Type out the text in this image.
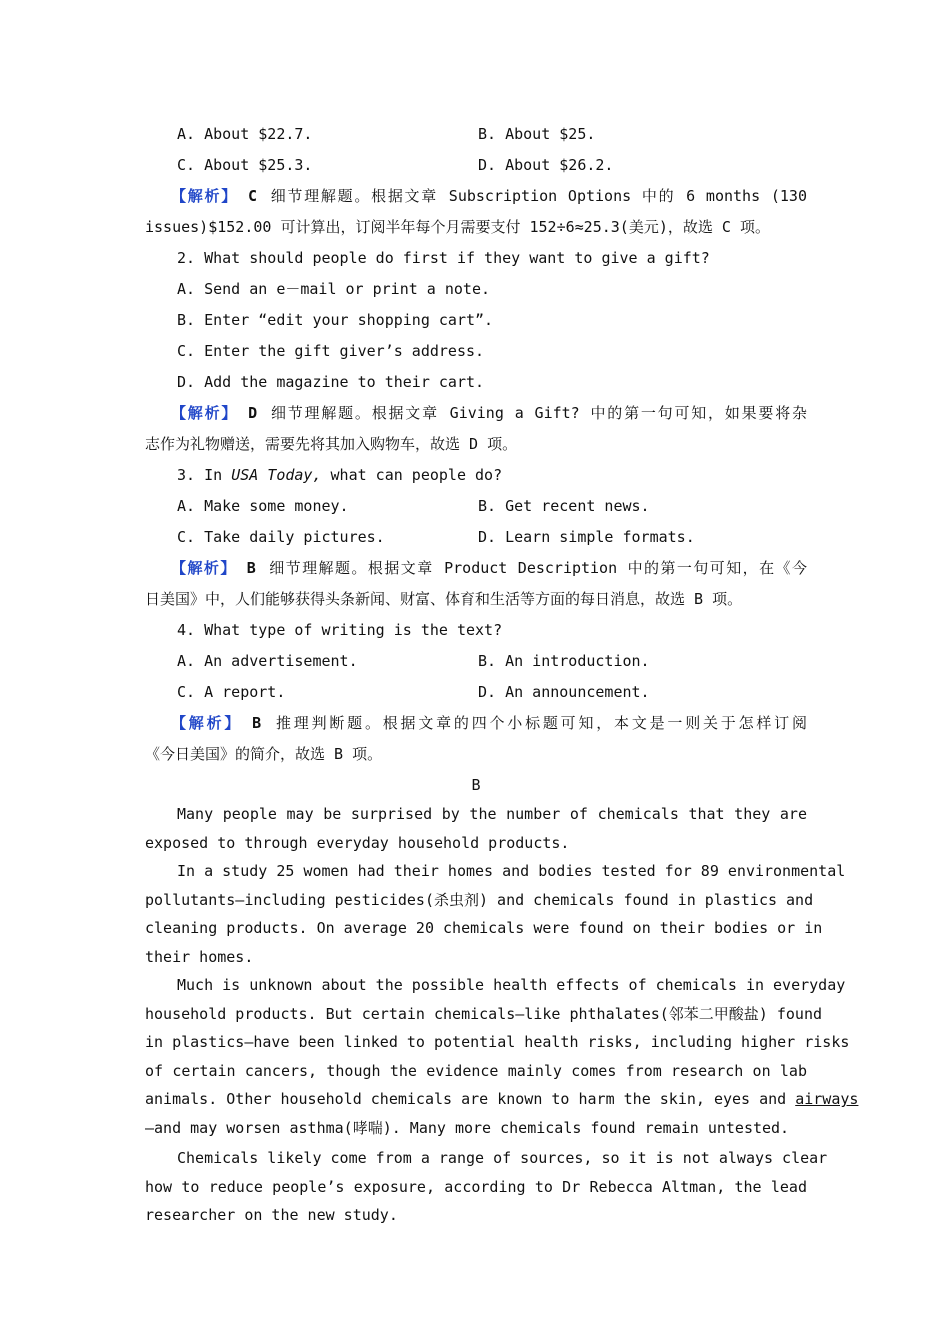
A. About $22.7.	B. About $25.
C. About $25.3.	D. About $26.2.
【解析】 C 细节理解题。根据文章 Subscription Options 中的 6 months (130
issues)$152.00 可计算出，订阅半年每个月需要支付 152÷6≈25.3(美元)，故选 C 项。
2. What should people do first if they want to give a gift?
A. Send an e－mail or print a note.
B. Enter “edit your shopping cart”.
C. Enter the gift giver’s address.
D. Add the magazine to their cart.
【解析】 D 细节理解题。根据文章 Giving a Gift? 中的第一句可知，如果要将杂
志作为礼物赠送，需要先将其加入购物车，故选 D 项。
3. In USA Today, what can people do?
A. Make some money.	B. Get recent news.
C. Take daily pictures.	D. Learn simple formats.
【解析】 B 细节理解题。根据文章 Product Description 中的第一句可知，在《今
日美国》中，人们能够获得头条新闻、财富、体育和生活等方面的每日消息，故选 B 项。
4. What type of writing is the text?
A. An advertisement.	B. An introduction.
C. A report.	D. An announcement.
【解析】 B 推理判断题。根据文章的四个小标题可知，本文是一则关于怎样订阅
《今日美国》的简介，故选 B 项。
B
Many people may be surprised by the number of chemicals that they are
exposed to through everyday household products.
In a study 25 women had their homes and bodies tested for 89 environmental
pollutants—including pesticides(杀虫剂) and chemicals found in plastics and
cleaning products. On average 20 chemicals were found on their bodies or in
their homes.
Much is unknown about the possible health effects of chemicals in everyday
household products. But certain chemicals—like phthalates(邻苯二甲酸盐) found
in plastics—have been linked to potential health risks, including higher risks
of certain cancers, though the evidence mainly comes from research on lab
animals. Other household chemicals are known to harm the skin, eyes and airways
—and may worsen asthma(哮喘). Many more chemicals found remain untested.
Chemicals likely come from a range of sources, so it is not always clear
how to reduce people’s exposure, according to Dr Rebecca Altman, the lead
researcher on the new study.
